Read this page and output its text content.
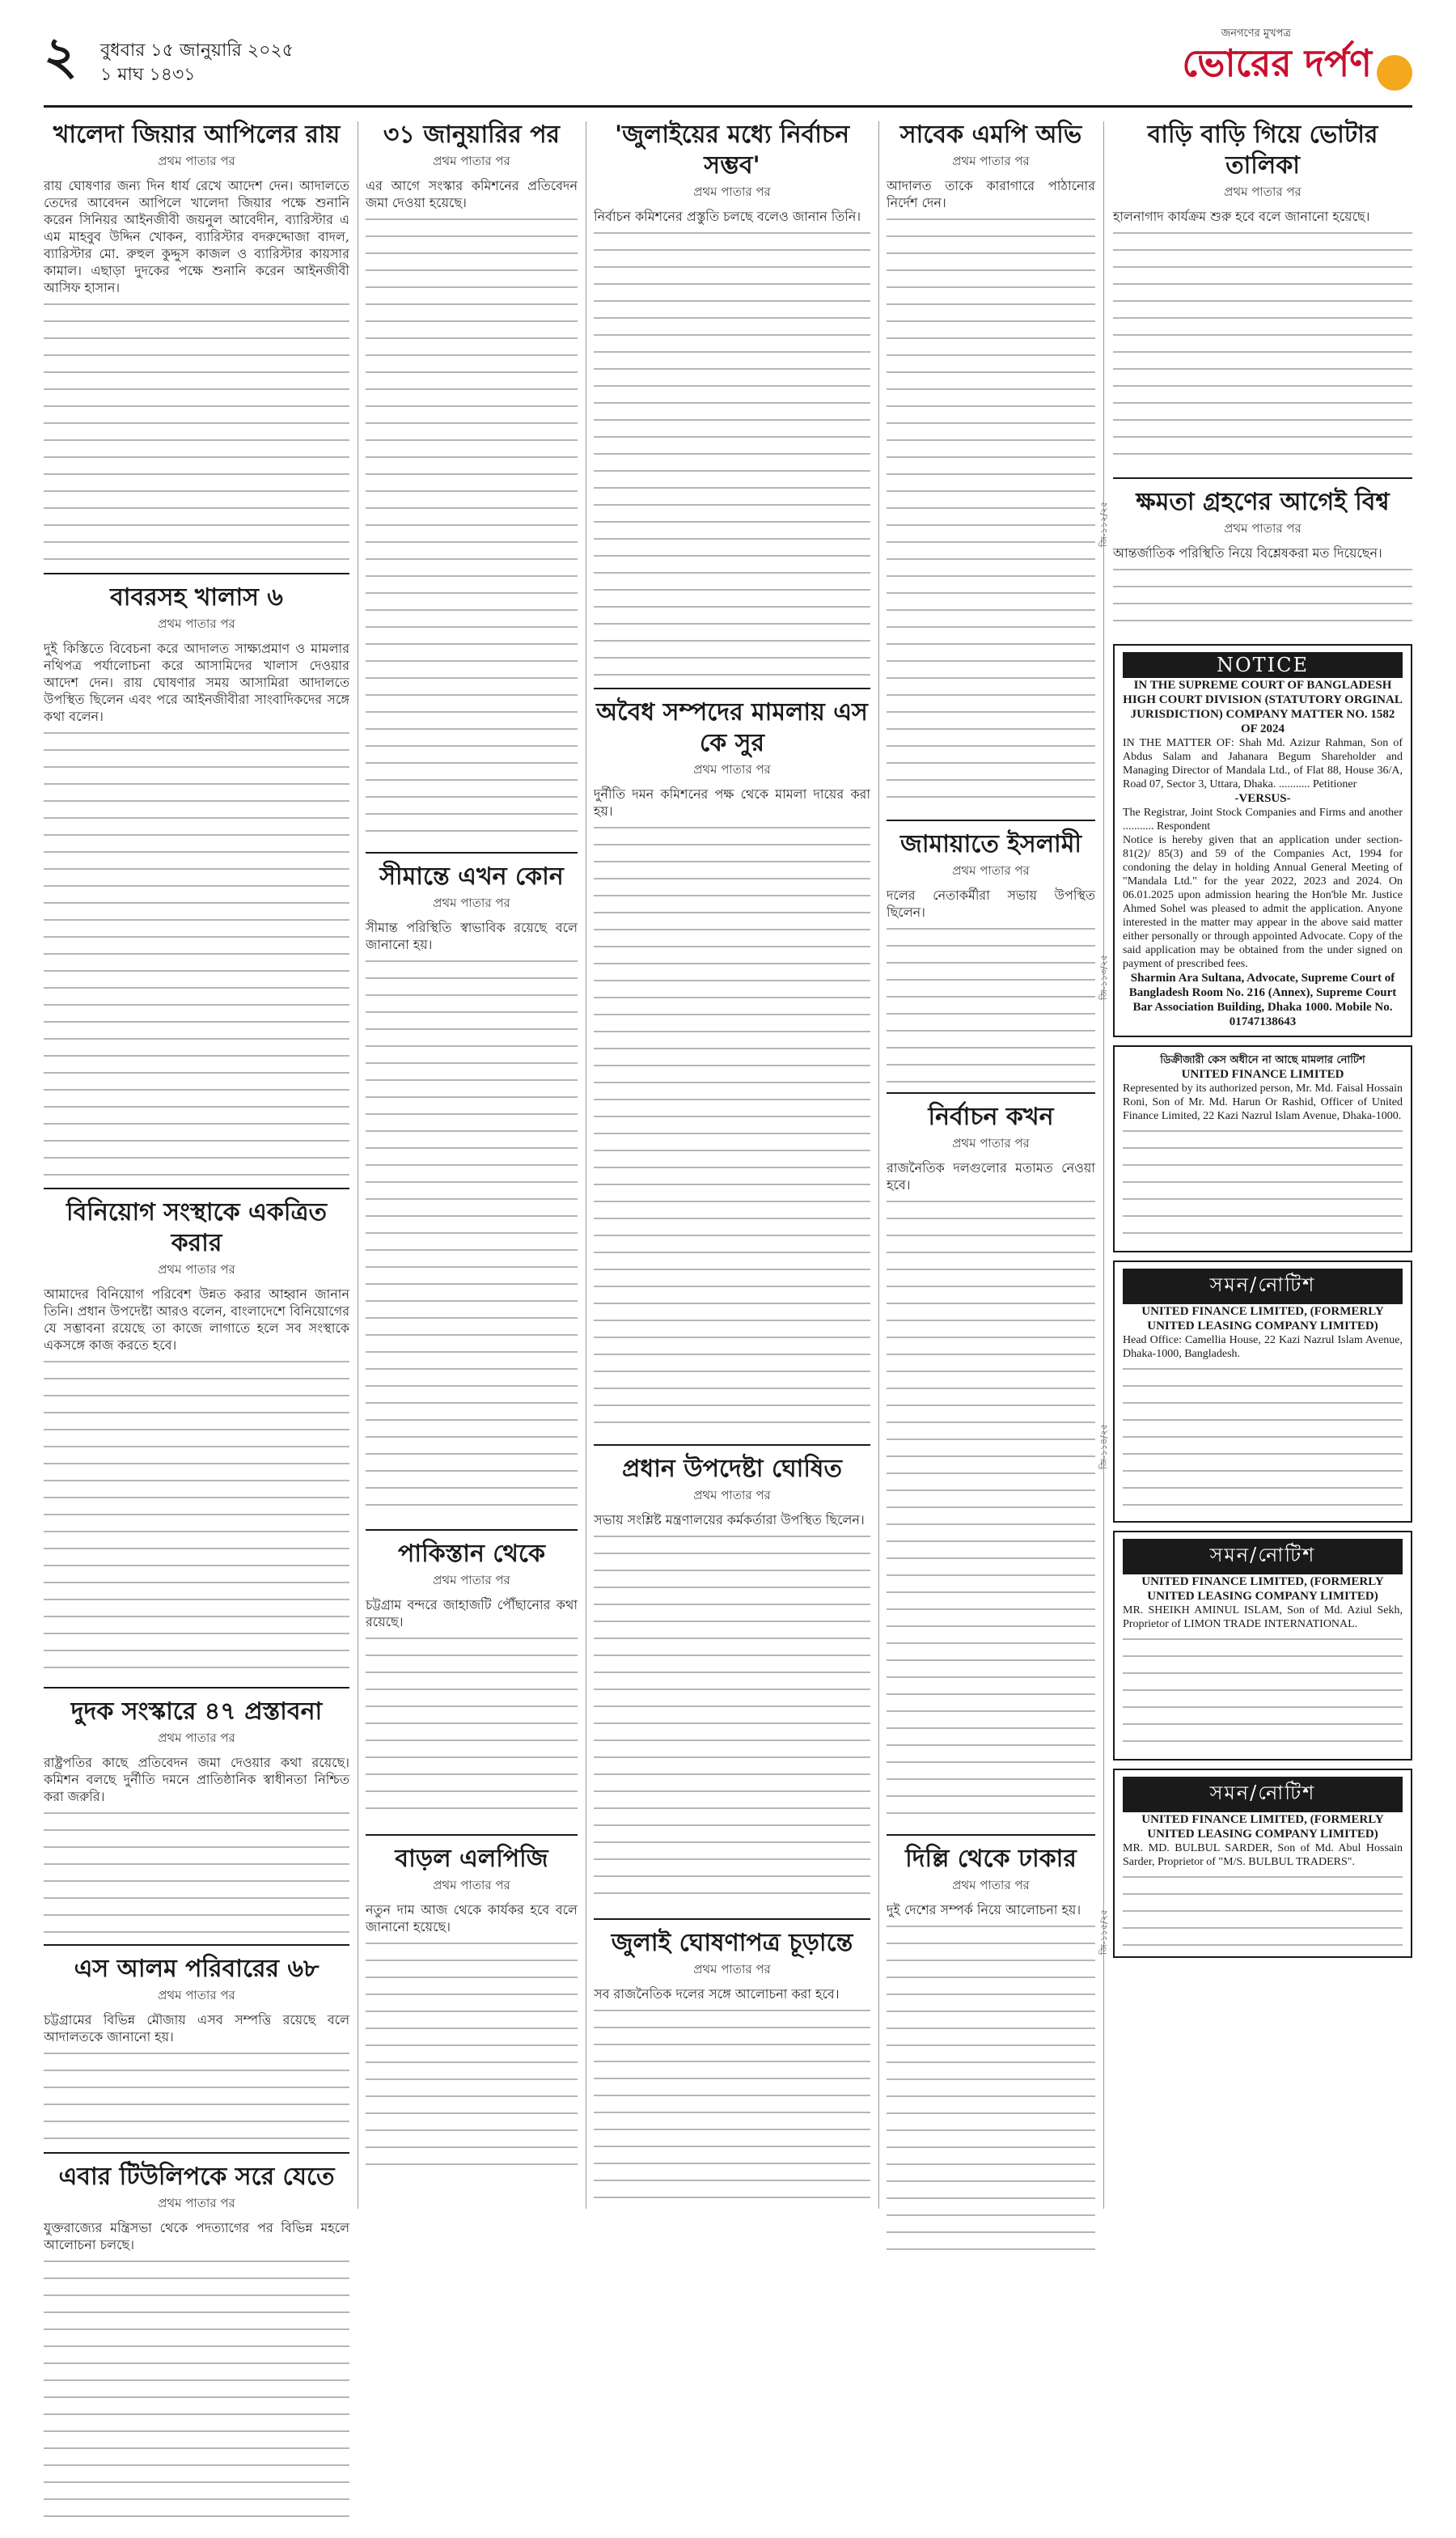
২ বুধবার ১৫ জানুয়ারি ২০২৫
১ মাঘ ১৪৩১
জনগণের মুখপত্র
ভোরের দর্পণ
খালেদা জিয়ার আপিলের রায়
প্রথম পাতার পর
রায় ঘোষণার জন্য দিন ধার্য রেখে আদেশ দেন। আদালতে তেদের আবেদন আপিলে খালেদা জিয়ার পক্ষে শুনানি করেন সিনিয়র আইনজীবী জয়নুল আবেদীন, ব্যারিস্টার এ এম মাহবুব উদ্দিন খোকন, ব্যারিস্টার বদরুদ্দোজা বাদল, ব্যারিস্টার মো. রুহুল কুদ্দুস কাজল ও ব্যারিস্টার কায়সার কামাল। এছাড়া দুদকের পক্ষে শুনানি করেন আইনজীবী আসিফ হাসান।
বাবরসহ খালাস ৬
প্রথম পাতার পর
দুই কিস্তিতে বিবেচনা করে আদালত সাক্ষ্যপ্রমাণ ও মামলার নথিপত্র পর্যালোচনা করে আসামিদের খালাস দেওয়ার আদেশ দেন। রায় ঘোষণার সময় আসামিরা আদালতে উপস্থিত ছিলেন এবং পরে আইনজীবীরা সাংবাদিকদের সঙ্গে কথা বলেন।
বিনিয়োগ সংস্থাকে একত্রিত করার
প্রথম পাতার পর
আমাদের বিনিয়োগ পরিবেশ উন্নত করার আহ্বান জানান তিনি। প্রধান উপদেষ্টা আরও বলেন, বাংলাদেশে বিনিয়োগের যে সম্ভাবনা রয়েছে তা কাজে লাগাতে হলে সব সংস্থাকে একসঙ্গে কাজ করতে হবে।
দুদক সংস্কারে ৪৭ প্রস্তাবনা
প্রথম পাতার পর
রাষ্ট্রপতির কাছে প্রতিবেদন জমা দেওয়ার কথা রয়েছে। কমিশন বলছে দুর্নীতি দমনে প্রাতিষ্ঠানিক স্বাধীনতা নিশ্চিত করা জরুরি।
এস আলম পরিবারের ৬৮
প্রথম পাতার পর
চট্টগ্রামের বিভিন্ন মৌজায় এসব সম্পত্তি রয়েছে বলে আদালতকে জানানো হয়।
এবার টিউলিপকে সরে যেতে
প্রথম পাতার পর
যুক্তরাজ্যের মন্ত্রিসভা থেকে পদত্যাগের পর বিভিন্ন মহলে আলোচনা চলছে।
৩১ জানুয়ারির পর
প্রথম পাতার পর
এর আগে সংস্কার কমিশনের প্রতিবেদন জমা দেওয়া হয়েছে।
সীমান্তে এখন কোন
প্রথম পাতার পর
সীমান্ত পরিস্থিতি স্বাভাবিক রয়েছে বলে জানানো হয়।
পাকিস্তান থেকে
প্রথম পাতার পর
চট্টগ্রাম বন্দরে জাহাজটি পৌঁছানোর কথা রয়েছে।
বাড়ল এলপিজি
প্রথম পাতার পর
নতুন দাম আজ থেকে কার্যকর হবে বলে জানানো হয়েছে।
'জুলাইয়ের মধ্যে নির্বাচন সম্ভব'
প্রথম পাতার পর
নির্বাচন কমিশনের প্রস্তুতি চলছে বলেও জানান তিনি।
অবৈধ সম্পদের মামলায় এস কে সুর
প্রথম পাতার পর
দুর্নীতি দমন কমিশনের পক্ষ থেকে মামলা দায়ের করা হয়।
প্রধান উপদেষ্টা ঘোষিত
প্রথম পাতার পর
সভায় সংশ্লিষ্ট মন্ত্রণালয়ের কর্মকর্তারা উপস্থিত ছিলেন।
জুলাই ঘোষণাপত্র চূড়ান্তে
প্রথম পাতার পর
সব রাজনৈতিক দলের সঙ্গে আলোচনা করা হবে।
সাবেক এমপি অভি
প্রথম পাতার পর
আদালত তাকে কারাগারে পাঠানোর নির্দেশ দেন।
জামায়াতে ইসলামী
প্রথম পাতার পর
দলের নেতাকর্মীরা সভায় উপস্থিত ছিলেন।
নির্বাচন কখন
প্রথম পাতার পর
রাজনৈতিক দলগুলোর মতামত নেওয়া হবে।
দিল্লি থেকে ঢাকার
প্রথম পাতার পর
দুই দেশের সম্পর্ক নিয়ে আলোচনা হয়।
বাড়ি বাড়ি গিয়ে ভোটার তালিকা
প্রথম পাতার পর
হালনাগাদ কার্যক্রম শুরু হবে বলে জানানো হয়েছে।
ক্ষমতা গ্রহণের আগেই বিশ্ব
প্রথম পাতার পর
আন্তর্জাতিক পরিস্থিতি নিয়ে বিশ্লেষকরা মত দিয়েছেন।
NOTICE
IN THE SUPREME COURT OF BANGLADESH HIGH COURT DIVISION (STATUTORY ORGINAL JURISDICTION) COMPANY MATTER NO. 1582 OF 2024
IN THE MATTER OF: Shah Md. Azizur Rahman, Son of Abdus Salam and Jahanara Begum Shareholder and Managing Director of Mandala Ltd., of Flat 88, House 36/A, Road 07, Sector 3, Uttara, Dhaka. ........... Petitioner
-VERSUS-
The Registrar, Joint Stock Companies and Firms and another ........... Respondent
Notice is hereby given that an application under section-81(2)/ 85(3) and 59 of the Companies Act, 1994 for condoning the delay in holding Annual General Meeting of "Mandala Ltd." for the year 2022, 2023 and 2024. On 06.01.2025 upon admission hearing the Hon'ble Mr. Justice Ahmed Sohel was pleased to admit the application. Anyone interested in the matter may appear in the above said matter either personally or through appointed Advocate. Copy of the said application may be obtained from the under signed on payment of prescribed fees.
Sharmin Ara Sultana, Advocate, Supreme Court of Bangladesh Room No. 216 (Annex), Supreme Court Bar Association Building, Dhaka 1000. Mobile No. 01747138643
ডিক্রীজারী কেস অধীনে না আছে মামলার নোটিশ
UNITED FINANCE LIMITED
Represented by its authorized person, Mr. Md. Faisal Hossain Roni, Son of Mr. Md. Harun Or Rashid, Officer of United Finance Limited, 22 Kazi Nazrul Islam Avenue, Dhaka-1000.
সমন/নোটিশ
UNITED FINANCE LIMITED, (FORMERLY UNITED LEASING COMPANY LIMITED)
Head Office: Camellia House, 22 Kazi Nazrul Islam Avenue, Dhaka-1000, Bangladesh.
সমন/নোটিশ
UNITED FINANCE LIMITED, (FORMERLY UNITED LEASING COMPANY LIMITED)
MR. SHEIKH AMINUL ISLAM, Son of Md. Aziul Sekh, Proprietor of LIMON TRADE INTERNATIONAL.
সমন/নোটিশ
UNITED FINANCE LIMITED, (FORMERLY UNITED LEASING COMPANY LIMITED)
MR. MD. BULBUL SARDER, Son of Md. Abul Hossain Sarder, Proprietor of "M/S. BULBUL TRADERS".
জি-১১২/২৫
জি-১১৩/২৫
জি-১১৪/২৫
জি-১১৫/২৫
